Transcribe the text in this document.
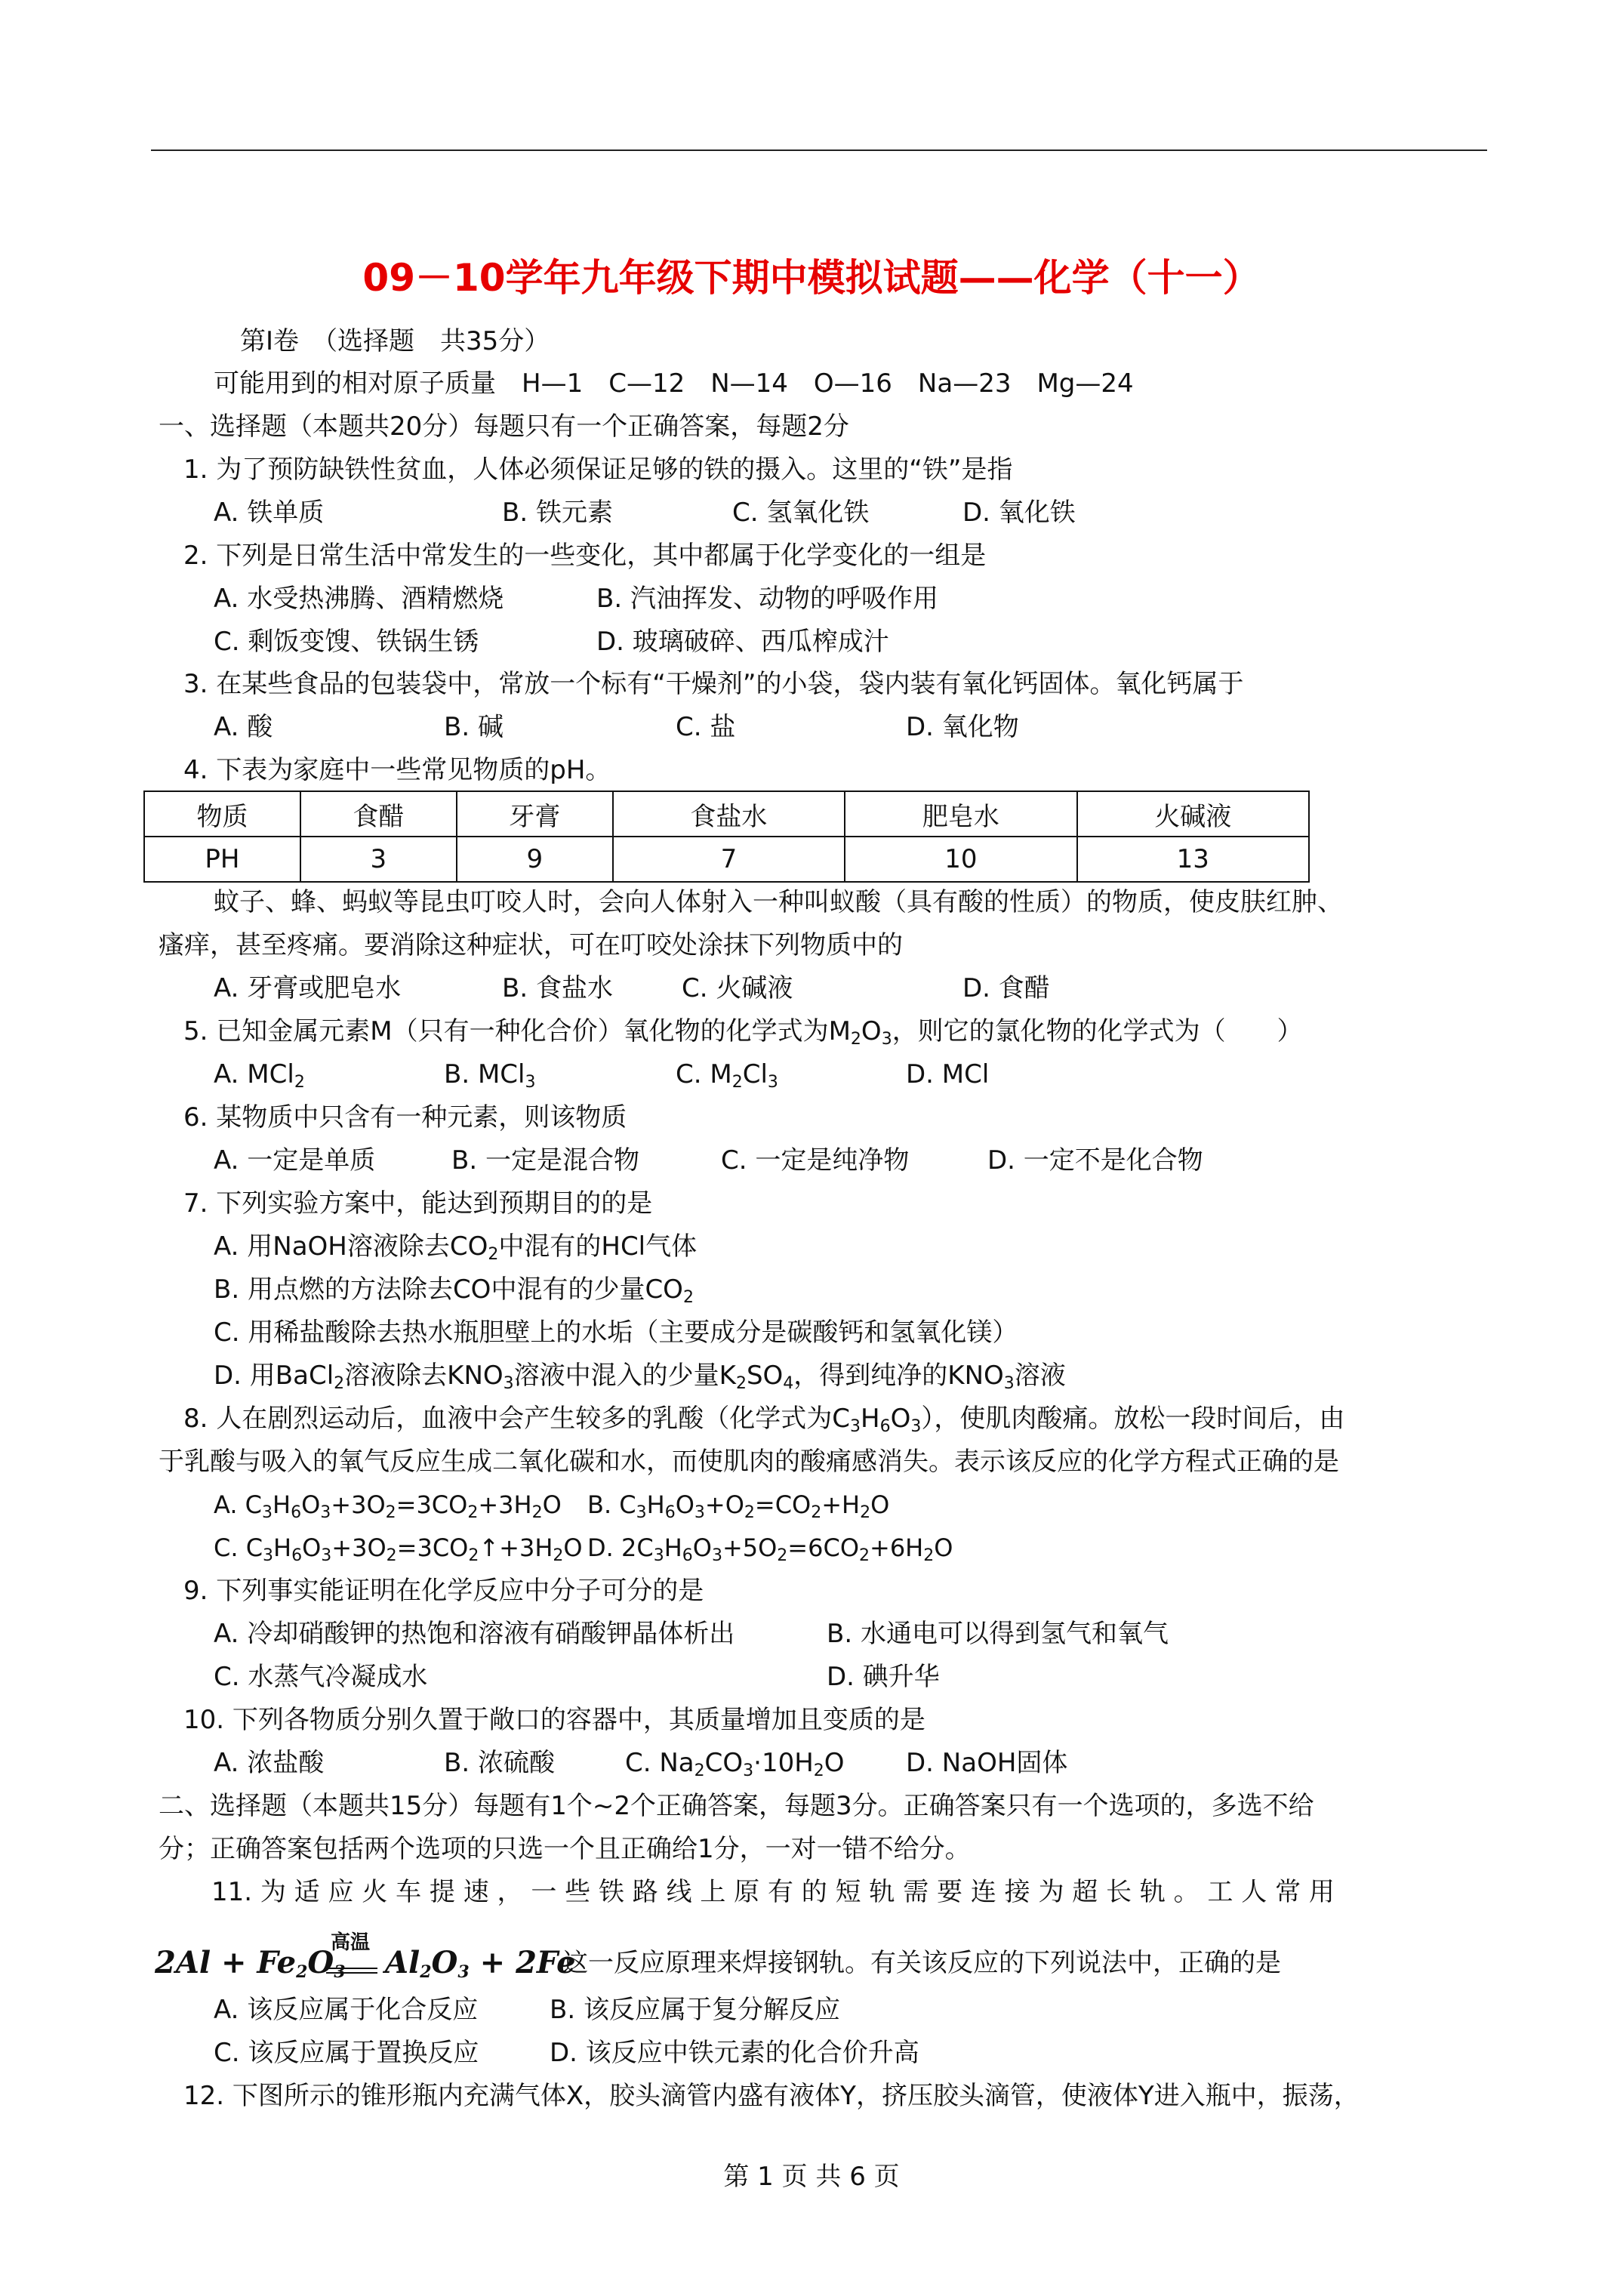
09－10学年九年级下期中模拟试题——化学（十一）
第Ⅰ卷　（选择题　共35分）
可能用到的相对原子质量　H—1　C—12　N—14　O—16　Na—23　Mg—24
一、选择题（本题共20分）每题只有一个正确答案，每题2分
1. 为了预防缺铁性贫血，人体必须保证足够的铁的摄入。这里的“铁”是指
A. 铁单质	B. 铁元素	C. 氢氧化铁	D. 氧化铁
2. 下列是日常生活中常发生的一些变化，其中都属于化学变化的一组是
A. 水受热沸腾、酒精燃烧	B. 汽油挥发、动物的呼吸作用
C. 剩饭变馊、铁锅生锈	D. 玻璃破碎、西瓜榨成汁
3. 在某些食品的包装袋中，常放一个标有“干燥剂”的小袋，袋内装有氧化钙固体。氧化钙属于
A. 酸	B. 碱	C. 盐	D. 氧化物
4. 下表为家庭中一些常见物质的pH。
物质	食醋	牙膏	食盐水	肥皂水	火碱液
PH	3	9	7	10	13
蚊子、蜂、蚂蚁等昆虫叮咬人时，会向人体射入一种叫蚁酸（具有酸的性质）的物质，使皮肤红肿、
瘙痒，甚至疼痛。要消除这种症状，可在叮咬处涂抹下列物质中的
A. 牙膏或肥皂水	B. 食盐水	C. 火碱液	D. 食醋
5. 已知金属元素M（只有一种化合价）氧化物的化学式为$M_2O_3$，则它的氯化物的化学式为（　　）
A. MCl$_2$	B. MCl$_3$	C. $M_2Cl_3$	D. MCl
6. 某物质中只含有一种元素，则该物质
A. 一定是单质	B. 一定是混合物	C. 一定是纯净物	D. 一定不是化合物
7. 下列实验方案中，能达到预期目的的是
A. 用NaOH溶液除去$CO_2$中混有的HCl气体
B. 用点燃的方法除去CO中混有的少量$CO_2$
C. 用稀盐酸除去热水瓶胆壁上的水垢（主要成分是碳酸钙和氢氧化镁）
D. 用BaCl$_2$溶液除去$KNO_3$溶液中混入的少量$K_2SO_4$，得到纯净的$KNO_3$溶液
8. 人在剧烈运动后，血液中会产生较多的乳酸（化学式为$C_3H_6O_3$），使肌肉酸痛。放松一段时间后，由
于乳酸与吸入的氧气反应生成二氧化碳和水，而使肌肉的酸痛感消失。表示该反应的化学方程式正确的是
A. $C_3H_6O_3+3O_2=3CO_2+3H_2O$ B. $C_3H_6O_3+O_2=CO_2+H_2O$
C. $C_3H_6O_3+3O_2=3CO_2↑+3H_2O$ D. $2C_3H_6O_3+5O_2=6CO_2+6H_2O$
9. 下列事实能证明在化学反应中分子可分的是
A. 冷却硝酸钾的热饱和溶液有硝酸钾晶体析出	B. 水通电可以得到氢气和氧气
C. 水蒸气冷凝成水	D. 碘升华
10. 下列各物质分别久置于敞口的容器中，其质量增加且变质的是
A. 浓盐酸	B. 浓硫酸	C. $Na_2CO_3\cdot 10H_2O$ D. NaOH固体
二、选择题（本题共15分）每题有1个~2个正确答案，每题3分。正确答案只有一个选项的，多选不给
分；正确答案包括两个选项的只选一个且正确给1分，一对一错不给分。
11. 为 适 应 火 车 提 速 ， 一 些 铁 路 线 上 原 有 的 短 轨 需 要 连 接 为 超 长 轨 。 工 人 常 用
$2Al + Fe_2O_3$
高温
$Al_2O_3 + 2Fe$
这一反应原理来焊接钢轨。有关该反应的下列说法中，正确的是
A. 该反应属于化合反应	B. 该反应属于复分解反应
C. 该反应属于置换反应	D. 该反应中铁元素的化合价升高
12. 下图所示的锥形瓶内充满气体X，胶头滴管内盛有液体Y，挤压胶头滴管，使液体Y进入瓶中，振荡，
第 1 页 共 6 页
